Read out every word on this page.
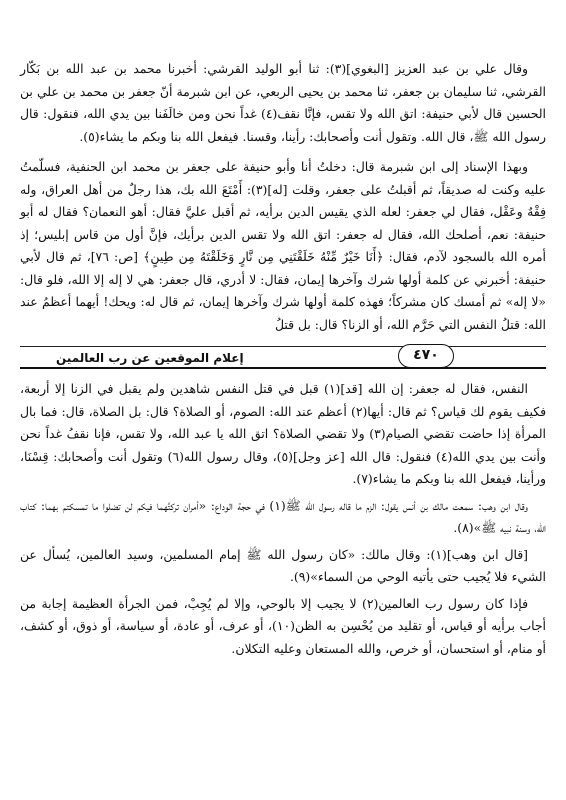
وقال علي بن عبد العزيز [البغوي](٣): ثنا أبو الوليد القرشي: أخبرنا محمد بن عبد الله بن بَكّار القرشي، ثنا سليمان بن جعفر، ثنا محمد بن يحيى الربعي، عن ابن شبرمة أنّ جعفر بن محمد بن علي بن الحسين قال لأبي حنيفة: اتق الله ولا تقس، فإنَّا نقف(٤) غداً نحن ومن خالَفَنا بين يدي الله، فنقول: قال رسول الله ﷺ، قال الله. وتقول أنت وأصحابك: رأينا، وقسنا. فيفعل الله بنا وبكم ما يشاء(٥).

وبهذا الإسناد إلى ابن شبرمة قال: دخلتُ أنا وأبو حنيفة على جعفر بن محمد ابن الحنفية، فسلّمتُ عليه وكنت له صديقاً، ثم أقبلتُ على جعفر، وقلت [له](٣): أَمْتَعَ الله بك، هذا رجلٌ من أهل العراق، وله فِقْهٌ وعَقْل، فقال لي جعفر: لعله الذي يقيس الدين برأيه، ثم أقبل عليَّ فقال: أهو النعمان؟ فقال له أبو حنيفة: نعم، أصلحك الله، فقال له جعفر: اتق الله ولا تقس الدين برأيك، فإنَّ أول من قاس إبليس؛ إذ أمره الله بالسجود لآدم، فقال: ﴿أَنَا خَيْرٌ مِّنْهُ خَلَقْتَنِي مِن نَّارٍ وَخَلَقْتَهُ مِن طِينٍ﴾ [ص: ٧٦]، ثم قال لأبي حنيفة: أخبرني عن كلمة أولها شرك وآخرها إيمان، فقال: لا أدري، قال جعفر: هي لا إله إلا الله، فلو قال: «لا إله» ثم أمسك كان مشركاً؛ فهذه كلمة أولها شرك وآخرها إيمان، ثم قال له: ويحك! أيهما أعظمُ عند الله: قتلُ النفس التي حَرَّم الله، أو الزنا؟ قال: بل قتلُ

إعلام الموقعين عن رب العالمين	٤٧٠

النفس، فقال له جعفر: إن الله [قد](١) قبل في قتل النفس شاهدين ولم يقبل في الزنا إلا أربعة، فكيف يقوم لك قياس؟ ثم قال: أيها(٢) أعظم عند الله: الصوم، أو الصلاة؟ قال: بل الصلاة، قال: فما بال المرأة إذا حاضت تقضي الصيام(٣) ولا تقضي الصلاة؟ اتق الله يا عبد الله، ولا تقس، فإنا نقفُ غداً نحن وأنت بين يدي الله(٤) فنقول: قال الله [عز وجل](٥)، وقال رسول الله(٦) وتقول أنت وأصحابك: قِسْنَا، ورأينا، فيفعل الله بنا وبكم ما يشاء(٧).

وقال ابن وهب: سمعت مالك بن أنس يقول: الزم ما قاله رسول الله ﷺ(١) في حجة الوداع: «أمران تركتُهما فيكم لن تضلوا ما تمسكتم بهما: كتاب الله، وسنة نبيه ﷺ»(٨).

[قال ابن وهب](١): وقال مالك: «كان رسول الله ﷺ إمام المسلمين، وسيد العالمين، يُسأل عن الشيء فلا يُجيب حتى يأتيه الوحي من السماء»(٩).

فإذا كان رسول رب العالمين(٢) لا يجيب إلا بالوحي، وإلا لم يُجِبْ، فمن الجرأة العظيمة إجابة من أجاب برأيه أو قياس، أو تقليد من يُحْسِن به الظن(١٠)، أو عرف، أو عادة، أو سياسة، أو ذوق، أو كشف، أو منام، أو استحسان، أو خرص، والله المستعان وعليه التكلان.
